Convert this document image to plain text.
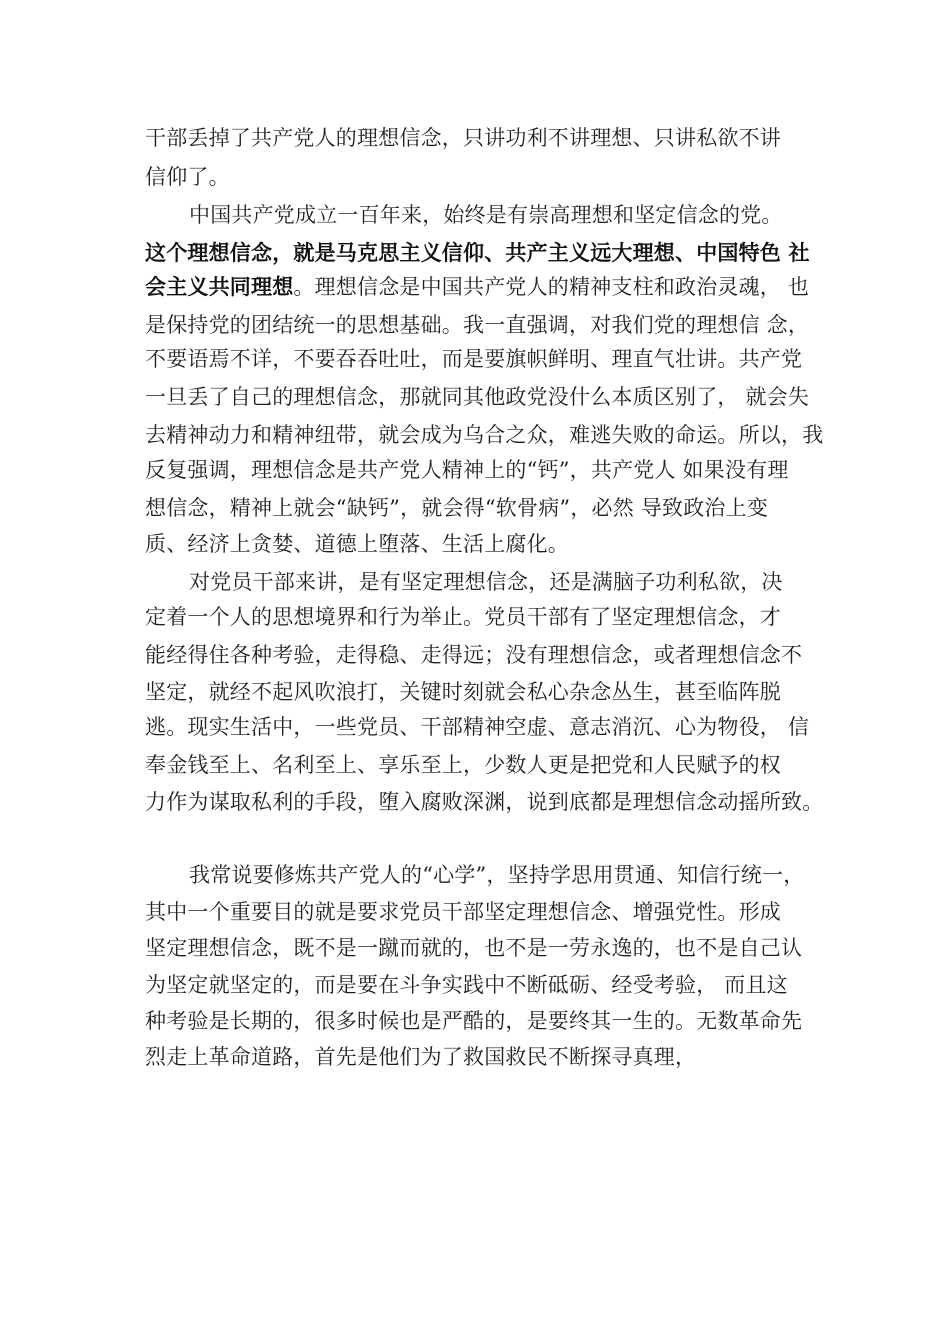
干部丢掉了共产党人的理想信念，只讲功利不讲理想、只讲私欲不讲
信仰了。
中国共产党成立一百年来，始终是有崇高理想和坚定信念的党。
这个理想信念，就是马克思主义信仰、共产主义远大理想、中国特色 社
会主义共同理想。理想信念是中国共产党人的精神支柱和政治灵魂， 也
是保持党的团结统一的思想基础。我一直强调，对我们党的理想信 念，
不要语焉不详，不要吞吞吐吐，而是要旗帜鲜明、理直气壮讲。共产党
一旦丢了自己的理想信念，那就同其他政党没什么本质区别了， 就会失
去精神动力和精神纽带，就会成为乌合之众，难逃失败的命运。所以，我
反复强调，理想信念是共产党人精神上的“钙”，共产党人 如果没有理
想信念，精神上就会“缺钙”，就会得“软骨病”，必然 导致政治上变
质、经济上贪婪、道德上堕落、生活上腐化。
对党员干部来讲，是有坚定理想信念，还是满脑子功利私欲，决
定着一个人的思想境界和行为举止。党员干部有了坚定理想信念，才
能经得住各种考验，走得稳、走得远；没有理想信念，或者理想信念不
坚定，就经不起风吹浪打，关键时刻就会私心杂念丛生，甚至临阵脱
逃。现实生活中，一些党员、干部精神空虚、意志消沉、心为物役， 信
奉金钱至上、名利至上、享乐至上，少数人更是把党和人民赋予的权
力作为谋取私利的手段，堕入腐败深渊，说到底都是理想信念动摇所致。
我常说要修炼共产党人的“心学”，坚持学思用贯通、知信行统一，
其中一个重要目的就是要求党员干部坚定理想信念、增强党性。形成
坚定理想信念，既不是一蹴而就的，也不是一劳永逸的，也不是自己认
为坚定就坚定的，而是要在斗争实践中不断砥砺、经受考验， 而且这
种考验是长期的，很多时候也是严酷的，是要终其一生的。无数革命先
烈走上革命道路，首先是他们为了救国救民不断探寻真理，
